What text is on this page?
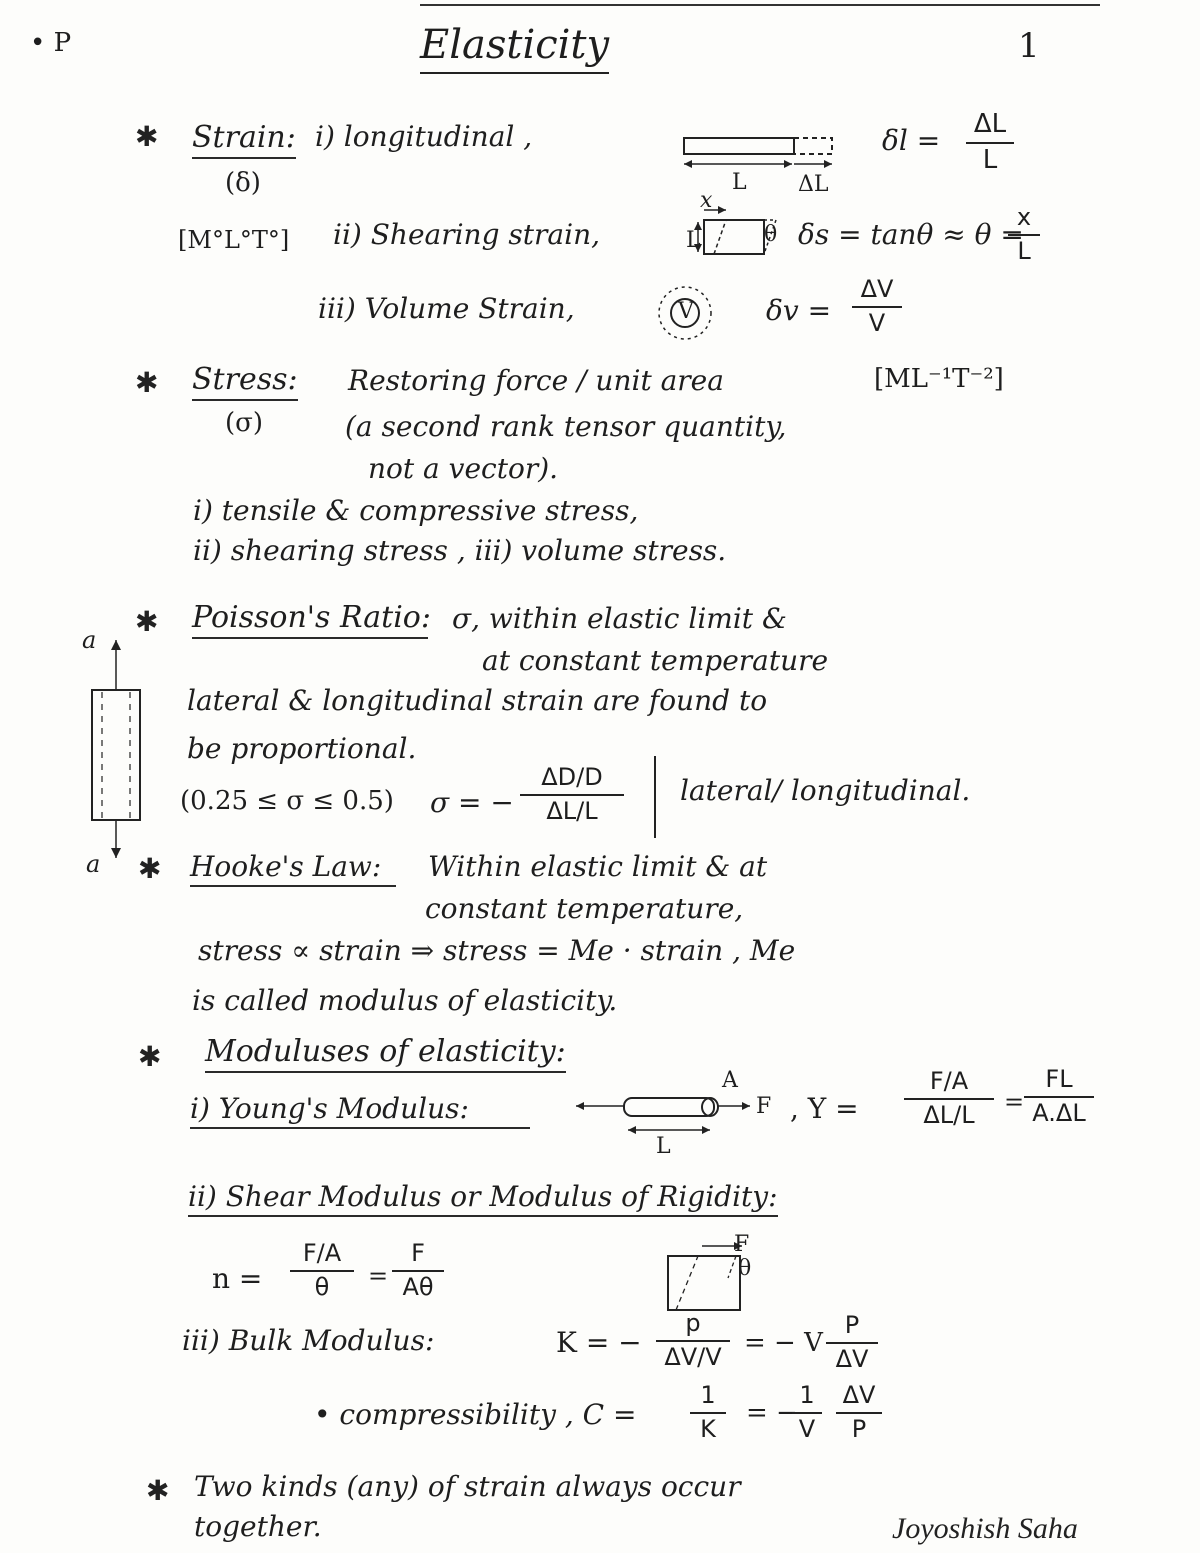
• P	Elasticity	1
✱ Strain:
(δ)
i) longitudinal ,
L ΔL
δl =	ΔL
L
[M°L°T°] ii) Shearing strain,	L
x
θ δs = tanθ ≈ θ =
x
L
iii) Volume Strain,	V	δv =
ΔV
V
✱ Stress:
(σ)
Restoring force / unit area	[ML⁻¹T⁻²]
(a second rank tensor quantity,
not a vector).
i) tensile & compressive stress,
ii) shearing stress , iii) volume stress.
✱ Poisson's Ratio: σ, within elastic limit &
at constant temperature
lateral & longitudinal strain are found to
be proportional.
(0.25 ≤ σ ≤ 0.5) σ = −
ΔD/D
ΔL/L
lateral/ longitudinal.
a
a ✱ Hooke's Law:	Within elastic limit & at
constant temperature,
stress ∝ strain ⇒ stress = Me · strain , Me
is called modulus of elasticity.
✱ Moduluses of elasticity:
i) Young's Modulus:
A
F
L
, Y =
F/A
ΔL/L	=
FL
A.ΔL
ii) Shear Modulus or Modulus of Rigidity:
n =
F/A
θ	=
F
Aθ
F
θ
iii) Bulk Modulus:	K = −
p
ΔV/V = − V
P
ΔV
• compressibility , C =
1
K
= −
1
V
ΔV
P
✱ Two kinds (any) of strain always occur
together.	Joyoshish Saha
